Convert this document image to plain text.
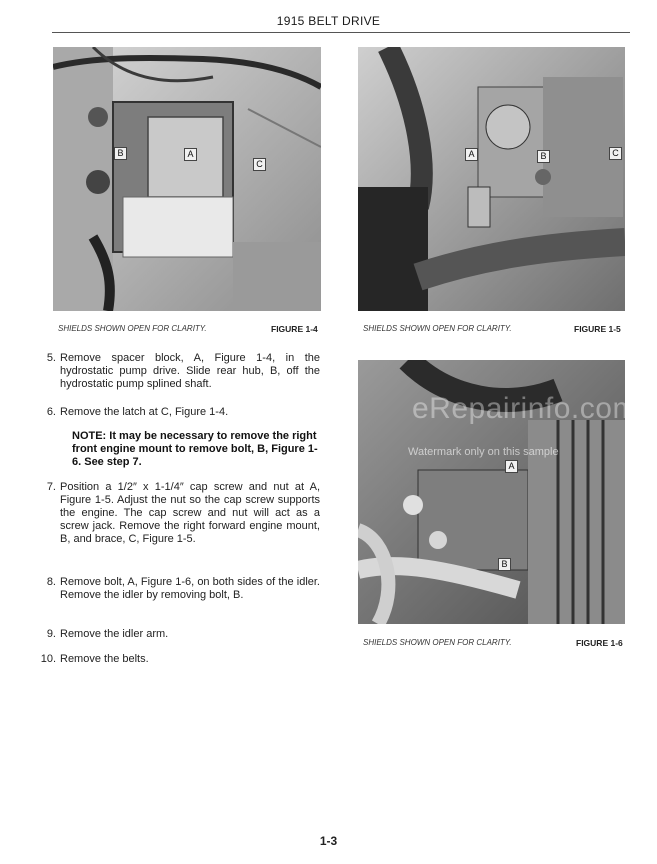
1915 BELT DRIVE
B	A
C
SHIELDS SHOWN OPEN FOR CLARITY.	FIGURE 1-4
A	B	C
SHIELDS SHOWN OPEN FOR CLARITY.	FIGURE 1-5
A
B
eRepairinfo.com
Watermark only on this sample
SHIELDS SHOWN OPEN FOR CLARITY.	FIGURE 1-6
5. Remove spacer block, A, Figure 1-4, in the hydrostatic pump drive. Slide rear hub, B, off the hydrostatic pump splined shaft.
6. Remove the latch at C, Figure 1-4.
NOTE: It may be necessary to remove the right front engine mount to remove bolt, B, Figure 1-6. See step 7.
7. Position a 1/2″ x 1-1/4″ cap screw and nut at A, Figure 1-5. Adjust the nut so the cap screw supports the engine. The cap screw and nut will act as a screw jack. Remove the right forward engine mount, B, and brace, C, Figure 1-5.
8. Remove bolt, A, Figure 1-6, on both sides of the idler. Remove the idler by removing bolt, B.
9. Remove the idler arm.
10. Remove the belts.
1-3
